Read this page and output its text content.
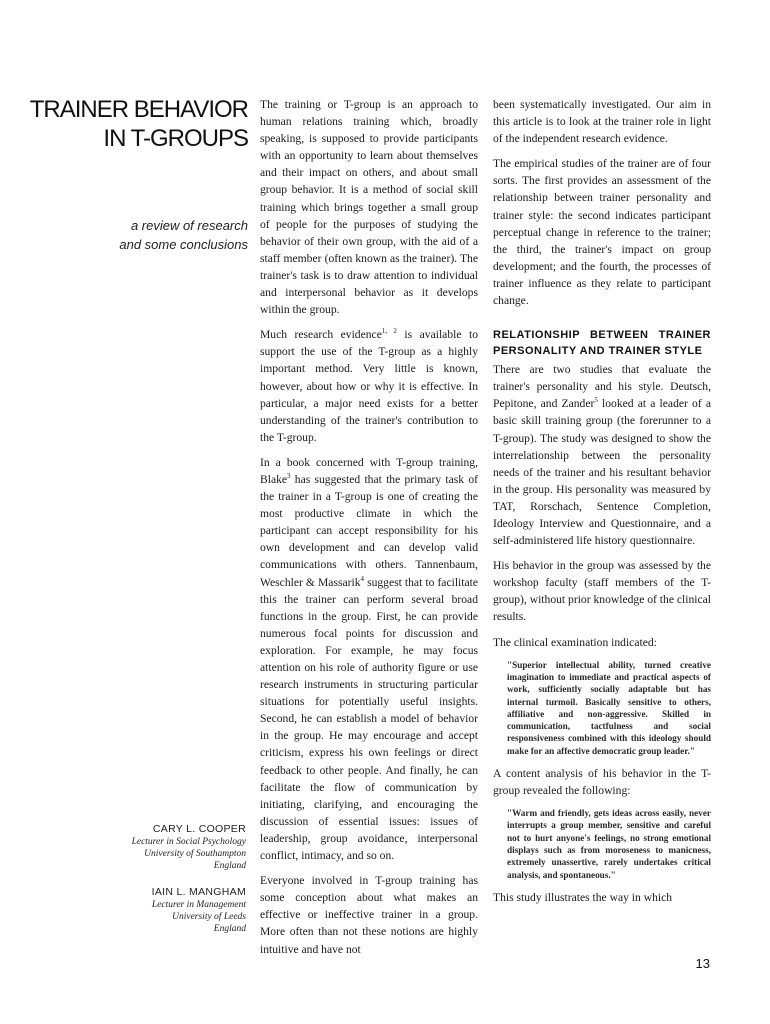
TRAINER BEHAVIOR
IN T-GROUPS
a review of research
and some conclusions
CARY L. COOPER
Lecturer in Social Psychology
University of Southampton
England
IAIN L. MANGHAM
Lecturer in Management
University of Leeds
England

The training or T-group is an approach to human relations training which, broadly speaking, is supposed to provide participants with an opportunity to learn about themselves and their impact on others, and about small group behavior. It is a method of social skill training which brings together a small group of people for the purposes of studying the behavior of their own group, with the aid of a staff member (often known as the trainer). The trainer's task is to draw attention to individual and interpersonal behavior as it develops within the group.

Much research evidence$^{1, 2}$ is available to support the use of the T-group as a highly important method. Very little is known, however, about how or why it is effective. In particular, a major need exists for a better understanding of the trainer's contribution to the T-group.

In a book concerned with T-group training, Blake$^3$ has suggested that the primary task of the trainer in a T-group is one of creating the most productive climate in which the participant can accept responsibility for his own development and can develop valid communications with others. Tannenbaum, Weschler & Massarik$^4$ suggest that to facilitate this the trainer can perform several broad functions in the group. First, he can provide numerous focal points for discussion and exploration. For example, he may focus attention on his role of authority figure or use research instruments in structuring particular situations for potentially useful insights. Second, he can establish a model of behavior in the group. He may encourage and accept criticism, express his own feelings or direct feedback to other people. And finally, he can facilitate the flow of communication by initiating, clarifying, and encouraging the discussion of essential issues: issues of leadership, group avoidance, interpersonal conflict, intimacy, and so on.

Everyone involved in T-group training has some conception about what makes an effective or ineffective trainer in a group. More often than not these notions are highly intuitive and have not

been systematically investigated. Our aim in this article is to look at the trainer role in light of the independent research evidence.

The empirical studies of the trainer are of four sorts. The first provides an assessment of the relationship between trainer personality and trainer style: the second indicates participant perceptual change in reference to the trainer; the third, the trainer's impact on group development; and the fourth, the processes of trainer influence as they relate to participant change.

RELATIONSHIP BETWEEN TRAINER PERSONALITY AND TRAINER STYLE

There are two studies that evaluate the trainer's personality and his style. Deutsch, Pepitone, and Zander$^5$ looked at a leader of a basic skill training group (the forerunner to a T-group). The study was designed to show the interrelationship between the personality needs of the trainer and his resultant behavior in the group. His personality was measured by TAT, Rorschach, Sentence Completion, Ideology Interview and Questionnaire, and a self-administered life history questionnaire.

His behavior in the group was assessed by the workshop faculty (staff members of the T-group), without prior knowledge of the clinical results.

The clinical examination indicated:

"Superior intellectual ability, turned creative imagination to immediate and practical aspects of work, sufficiently socially adaptable but has internal turmoil. Basically sensitive to others, affiliative and non-aggressive. Skilled in communication, tactfulness and social responsiveness combined with this ideology should make for an affective democratic group leader."

A content analysis of his behavior in the T-group revealed the following:

"Warm and friendly, gets ideas across easily, never interrupts a group member, sensitive and careful not to hurt anyone's feelings, no strong emotional displays such as from moroseness to manicness, extremely unassertive, rarely undertakes critical analysis, and spontaneous."

This study illustrates the way in which

13
